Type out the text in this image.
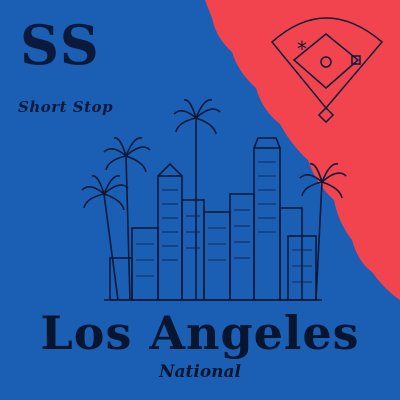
*
SS
Short Stop
Los Angeles
National
